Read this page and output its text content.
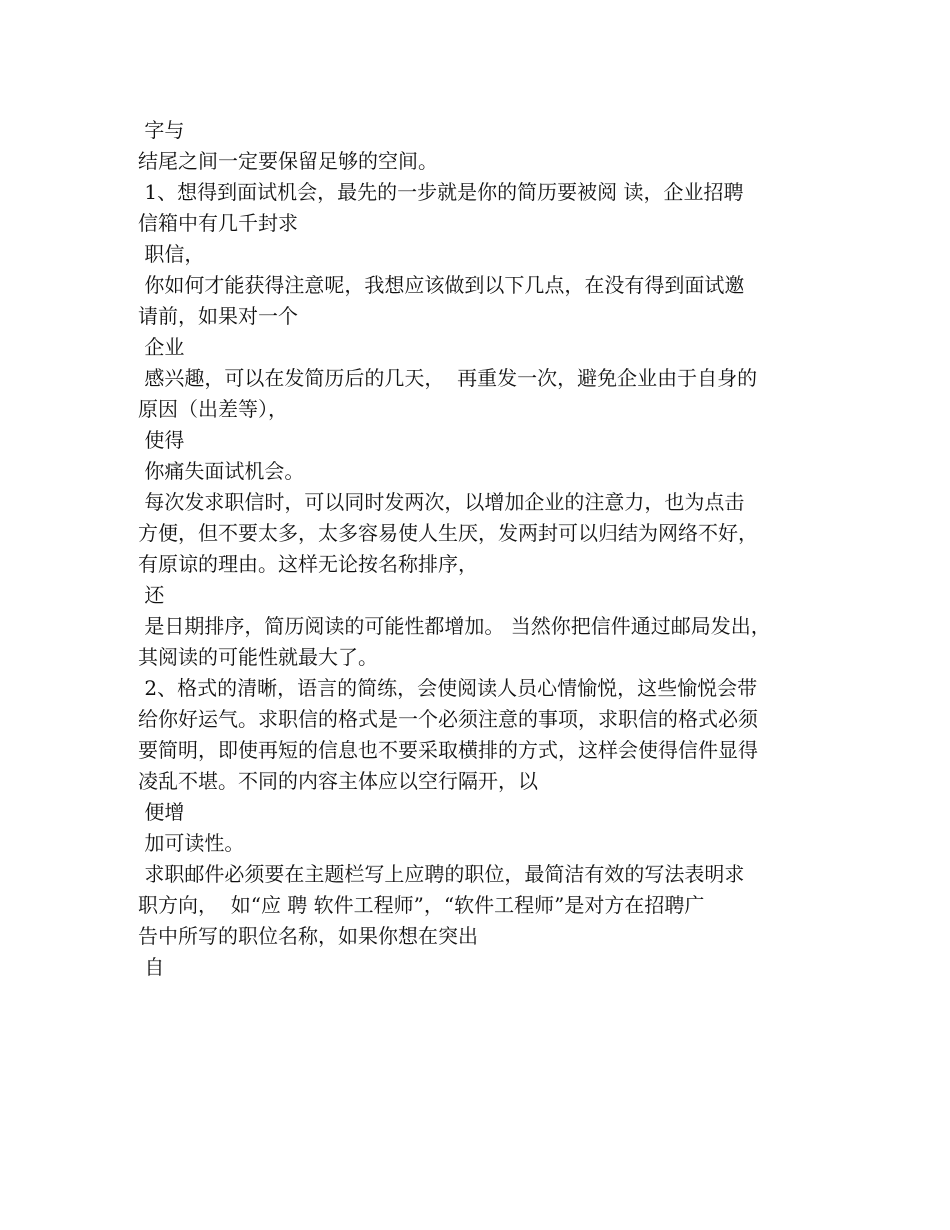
字与
结尾之间一定要保留足够的空间。
1、想得到面试机会，最先的一步就是你的简历要被阅 读，企业招聘
信箱中有几千封求
职信，
你如何才能获得注意呢，我想应该做到以下几点，在没有得到面试邀
请前，如果对一个
企业
感兴趣，可以在发简历后的几天，  再重发一次，避免企业由于自身的
原因（出差等），
使得
你痛失面试机会。
每次发求职信时，可以同时发两次，以增加企业的注意力，也为点击
方便，但不要太多，太多容易使人生厌，发两封可以归结为网络不好，
有原谅的理由。这样无论按名称排序，
还
是日期排序，简历阅读的可能性都增加。 当然你把信件通过邮局发出，
其阅读的可能性就最大了。
2、格式的清晰，语言的简练，会使阅读人员心情愉悦，这些愉悦会带
给你好运气。求职信的格式是一个必须注意的事项，求职信的格式必须
要简明，即使再短的信息也不要采取横排的方式，这样会使得信件显得
凌乱不堪。不同的内容主体应以空行隔开，以
便增
加可读性。
求职邮件必须要在主题栏写上应聘的职位，最简洁有效的写法表明求
职方向，  如“应 聘 软件工程师”，“软件工程师”是对方在招聘广
告中所写的职位名称，如果你想在突出
自
